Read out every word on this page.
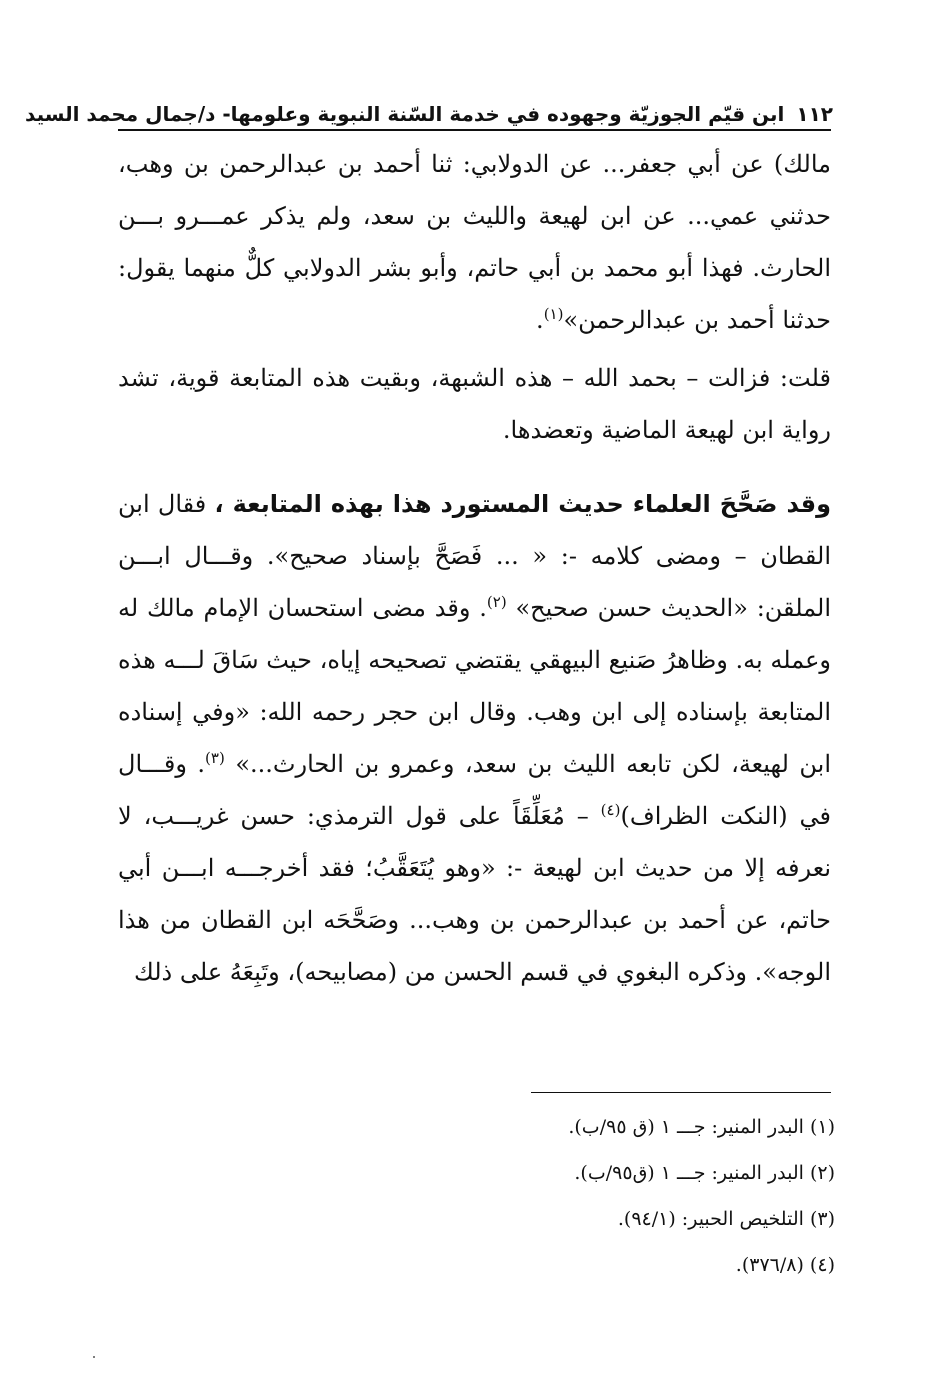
١١٢
ابن قيّم الجوزيّة وجهوده في خدمة السّنة النبوية وعلومها- د/جمال محمد السيد

مالك) عن أبي جعفر... عن الدولابي: ثنا أحمد بن عبدالرحمن بن وهب، حدثني عمي... عن ابن لهيعة والليث بن سعد، ولم يذكر عمـــرو بـــن الحارث. فهذا أبو محمد بن أبي حاتم، وأبو بشر الدولابي كلٌّ منهما يقول: حدثنا أحمد بن عبدالرحمن»$^{(١)}$.

قلت: فزالت – بحمد الله – هذه الشبهة، وبقيت هذه المتابعة قوية، تشد رواية ابن لهيعة الماضية وتعضدها.

وقد صَحَّحَ العلماء حديث المستورد هذا بهذه المتابعة ، فقال ابن القطان – ومضى كلامه -: « ... فَصَحَّ بإسناد صحيح». وقـــال ابـــن الملقن: «الحديث حسن صحيح» $^{(٢)}$. وقد مضى استحسان الإمام مالك له وعمله به. وظاهرُ صَنيع البيهقي يقتضي تصحيحه إياه، حيث سَاقَ لـــه هذه المتابعة بإسناده إلى ابن وهب. وقال ابن حجر رحمه الله: «وفي إسناده ابن لهيعة، لكن تابعه الليث بن سعد، وعمرو بن الحارث...» $^{(٣)}$. وقـــال في (النكت الظراف)$^{(٤)}$ – مُعَلِّقَاً على قول الترمذي: حسن غريـــب، لا نعرفه إلا من حديث ابن لهيعة -: «وهو يُتَعَقَّبُ؛ فقد أخرجـــه ابـــن أبي حاتم، عن أحمد بن عبدالرحمن بن وهب... وصَحَّحَه ابن القطان من هذا الوجه». وذكره البغوي في قسم الحسن من (مصابيحه)، وتَبِعَهُ على ذلك

(١) البدر المنير: جـــ ١ (ق ٩٥/ب).
(٢) البدر المنير: جـــ ١ (ق٩٥/ب).
(٣) التلخيص الحبير: (٩٤/١).
(٤) (٣٧٦/٨).
